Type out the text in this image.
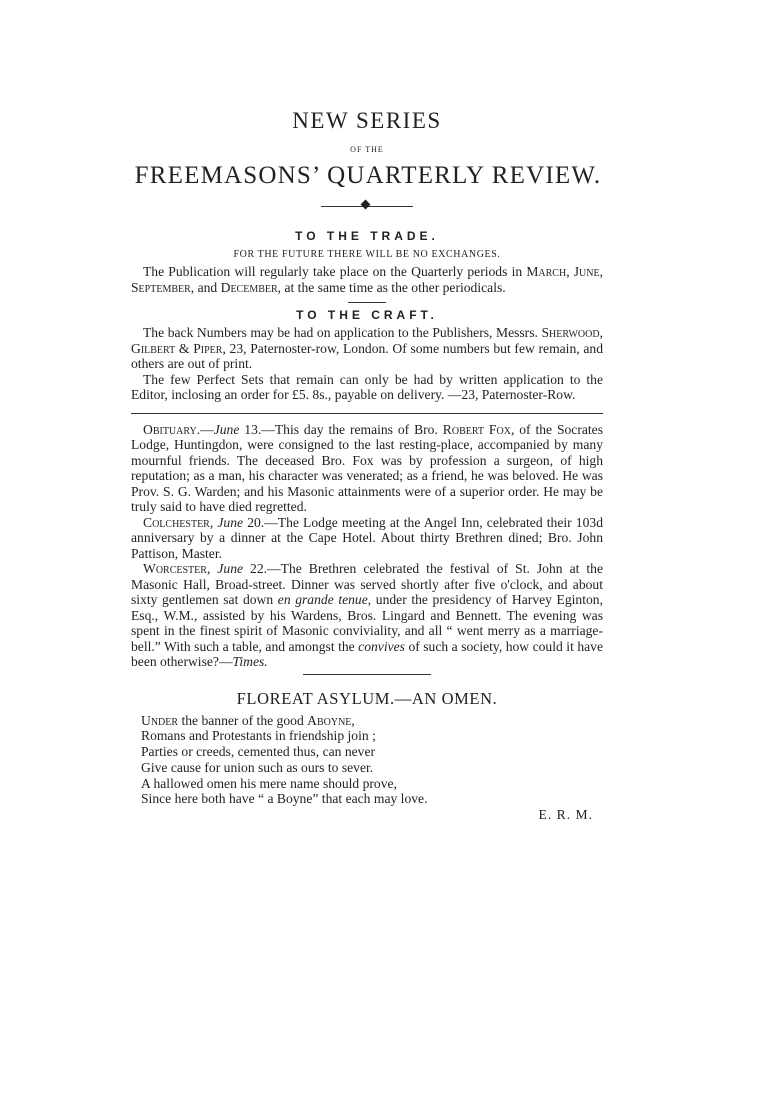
NEW SERIES
OF THE
FREEMASONS’ QUARTERLY REVIEW.
TO THE TRADE.
FOR THE FUTURE THERE WILL BE NO EXCHANGES.

The Publication will regularly take place on the Quarterly periods in March, June, September, and December, at the same time as the other periodicals.

TO THE CRAFT.

The back Numbers may be had on application to the Publishers, Messrs. Sherwood, Gilbert & Piper, 23, Paternoster-row, London. Of some numbers but few remain, and others are out of print.

The few Perfect Sets that remain can only be had by written application to the Editor, inclosing an order for £5. 8s., payable on delivery. —23, Paternoster-Row.

Obituary.—June 13.—This day the remains of Bro. Robert Fox, of the Socrates Lodge, Huntingdon, were consigned to the last resting-place, accompanied by many mournful friends. The deceased Bro. Fox was by profession a surgeon, of high reputation; as a man, his character was venerated; as a friend, he was beloved. He was Prov. S. G. Warden; and his Masonic attainments were of a superior order. He may be truly said to have died regretted.

Colchester, June 20.—The Lodge meeting at the Angel Inn, celebrated their 103d anniversary by a dinner at the Cape Hotel. About thirty Brethren dined; Bro. John Pattison, Master.

Worcester, June 22.—The Brethren celebrated the festival of St. John at the Masonic Hall, Broad-street. Dinner was served shortly after five o'clock, and about sixty gentlemen sat down en grande tenue, under the presidency of Harvey Eginton, Esq., W.M., assisted by his Wardens, Bros. Lingard and Bennett. The evening was spent in the finest spirit of Masonic conviviality, and all “ went merry as a marriage-bell.” With such a table, and amongst the convives of such a society, how could it have been otherwise?—Times.

FLOREAT ASYLUM.—AN OMEN.
Under the banner of the good Aboyne,
Romans and Protestants in friendship join ;
Parties or creeds, cemented thus, can never
Give cause for union such as ours to sever.
A hallowed omen his mere name should prove,
Since here both have “ a Boyne” that each may love.
E. R. M.
